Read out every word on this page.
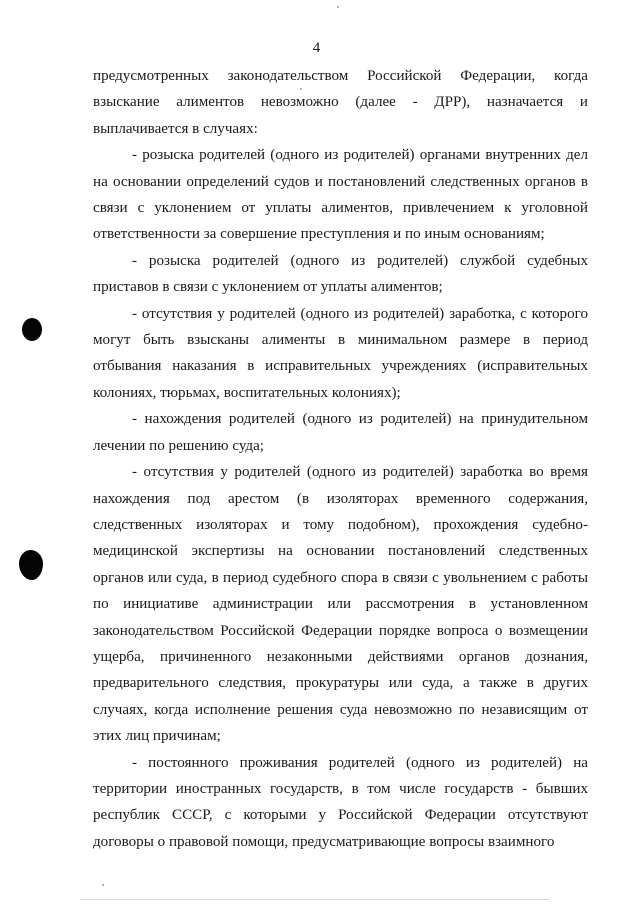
4

предусмотренных законодательством Российской Федерации, когда взыскание алиментов невозможно (далее - ДРР), назначается и выплачивается в случаях:

- розыска родителей (одного из родителей) органами внутренних дел на основании определений судов и постановлений следственных органов в связи с уклонением от уплаты алиментов, привлечением к уголовной ответственности за совершение преступления и по иным основаниям;

- розыска родителей (одного из родителей) службой судебных приставов в связи с уклонением от уплаты алиментов;

- отсутствия у родителей (одного из родителей) заработка, с которого могут быть взысканы алименты в минимальном размере в период отбывания наказания в исправительных учреждениях (исправительных колониях, тюрьмах, воспитательных колониях);

- нахождения родителей (одного из родителей) на принудительном лечении по решению суда;

- отсутствия у родителей (одного из родителей) заработка во время нахождения под арестом (в изоляторах временного содержания, следственных изоляторах и тому подобном), прохождения судебно-медицинской экспертизы на основании постановлений следственных органов или суда, в период судебного спора в связи с увольнением с работы по инициативе администрации или рассмотрения в установленном законодательством Российской Федерации порядке вопроса о возмещении ущерба, причиненного незаконными действиями органов дознания, предварительного следствия, прокуратуры или суда, а также в других случаях, когда исполнение решения суда невозможно по независящим от этих лиц причинам;

- постоянного проживания родителей (одного из родителей) на территории иностранных государств, в том числе государств - бывших республик СССР, с которыми у Российской Федерации отсутствуют договоры о правовой помощи, предусматривающие вопросы взаимного
